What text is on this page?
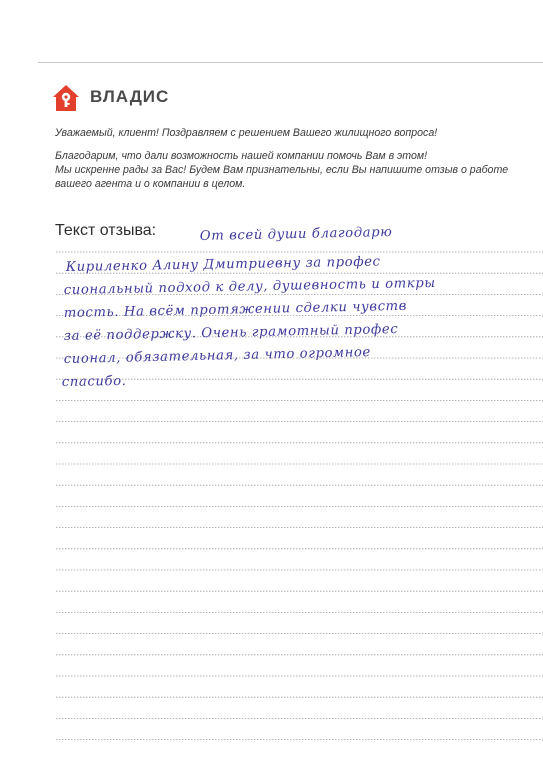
ВЛАДИС

Уважаемый, клиент! Поздравляем с решением Вашего жилищного вопроса!

Благодарим, что дали возможность нашей компании помочь Вам в этом!

Мы искренне рады за Вас! Будем Вам признательны, если Вы напишите отзыв о работе вашего агента и о компании в целом.

Текст отзыва:	От всей души благодарю
Кириленко Алину Дмитриевну за профес
сиональный подход к делу, душевность и откры
тость. На всём протяжении сделки чувств
за её поддержку. Очень грамотный профес
сионал, обязательная, за что огромное
спасибо.
